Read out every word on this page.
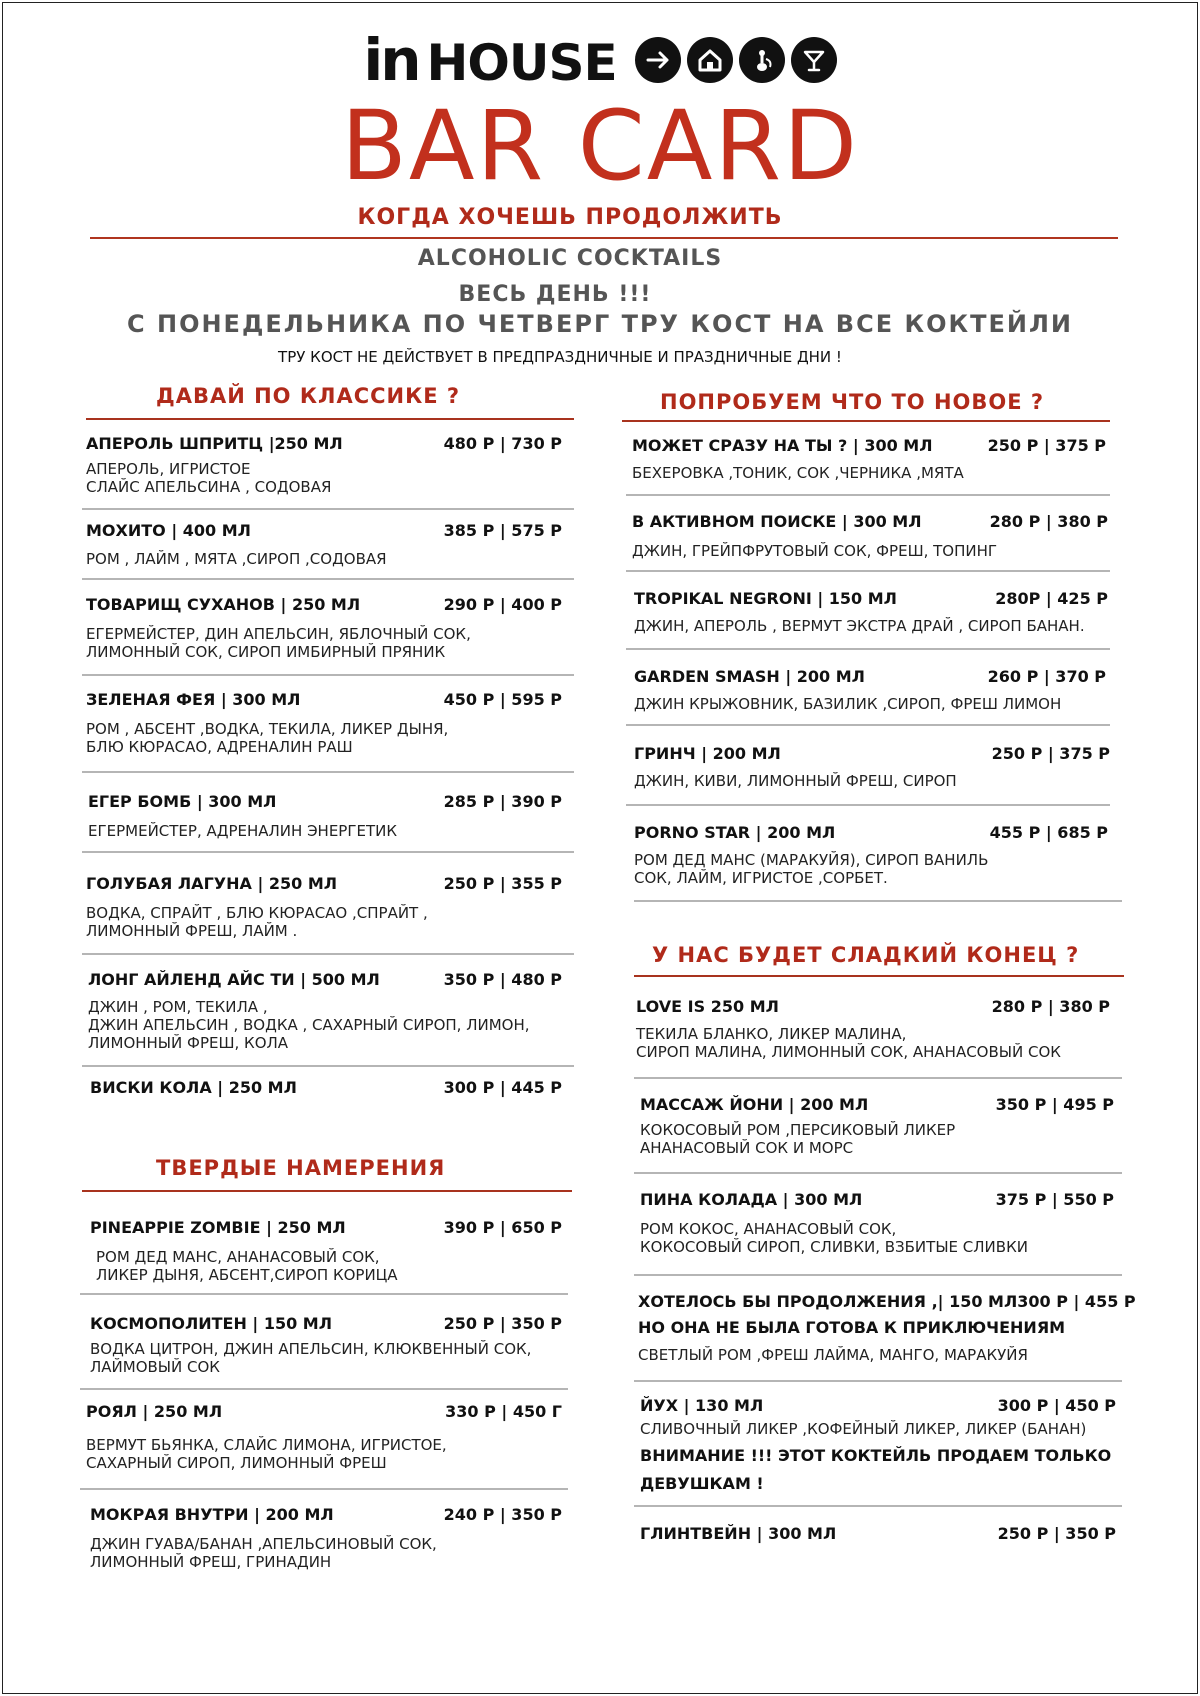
in HOUSE
BAR CARD
КОГДА ХОЧЕШЬ ПРОДОЛЖИТЬ
ALCOHOLIC COCKTAILS
ВЕСЬ ДЕНЬ !!!
С ПОНЕДЕЛЬНИКА ПО ЧЕТВЕРГ ТРУ КОСТ НА ВСЕ КОКТЕЙЛИ
ТРУ КОСТ НЕ ДЕЙСТВУЕТ В ПРЕДПРАЗДНИЧНЫЕ И ПРАЗДНИЧНЫЕ ДНИ !
ДАВАЙ ПО КЛАССИКЕ ?
АПЕРОЛЬ ШПРИТЦ |250 МЛ	480 Р | 730 Р
АПЕРОЛЬ, ИГРИСТОЕ
СЛАЙС АПЕЛЬСИНА , СОДОВАЯ
МОХИТО | 400 МЛ	385 Р | 575 Р
РОМ , ЛАЙМ , МЯТА ,СИРОП ,СОДОВАЯ
ТОВАРИЩ СУХАНОВ | 250 МЛ	290 Р | 400 Р
ЕГЕРМЕЙСТЕР, ДИН АПЕЛЬСИН, ЯБЛОЧНЫЙ СОК,
ЛИМОННЫЙ СОК, СИРОП ИМБИРНЫЙ ПРЯНИК
ЗЕЛЕНАЯ ФЕЯ | 300 МЛ	450 Р | 595 Р
РОМ , АБСЕНТ ,ВОДКА, ТЕКИЛА, ЛИКЕР ДЫНЯ,
БЛЮ КЮРАСАО, АДРЕНАЛИН РАШ
ЕГЕР БОМБ | 300 МЛ	285 Р | 390 Р
ЕГЕРМЕЙСТЕР, АДРЕНАЛИН ЭНЕРГЕТИК
ГОЛУБАЯ ЛАГУНА | 250 МЛ	250 Р | 355 Р
ВОДКА, СПРАЙТ , БЛЮ КЮРАСАО ,СПРАЙТ ,
ЛИМОННЫЙ ФРЕШ, ЛАЙМ .
ЛОНГ АЙЛЕНД АЙС ТИ | 500 МЛ	350 Р | 480 Р
ДЖИН , РОМ, ТЕКИЛА ,
ДЖИН АПЕЛЬСИН , ВОДКА , САХАРНЫЙ СИРОП, ЛИМОН,
ЛИМОННЫЙ ФРЕШ, КОЛА
ВИСКИ КОЛА | 250 МЛ	300 Р | 445 Р
ТВЕРДЫЕ НАМЕРЕНИЯ
PINEAPPIE ZOMBIE | 250 МЛ	390 Р | 650 Р
РОМ ДЕД МАНС, АНАНАСОВЫЙ СОК,
ЛИКЕР ДЫНЯ, АБСЕНТ,СИРОП КОРИЦА
КОСМОПОЛИТЕН | 150 МЛ	250 Р | 350 Р
ВОДКА ЦИТРОН, ДЖИН АПЕЛЬСИН, КЛЮКВЕННЫЙ СОК,
ЛАЙМОВЫЙ СОК
РОЯЛ | 250 МЛ	330 Р | 450 Г
ВЕРМУТ БЬЯНКА, СЛАЙС ЛИМОНА, ИГРИСТОЕ,
САХАРНЫЙ СИРОП, ЛИМОННЫЙ ФРЕШ
МОКРАЯ ВНУТРИ | 200 МЛ	240 Р | 350 Р
ДЖИН ГУАВА/БАНАН ,АПЕЛЬСИНОВЫЙ СОК,
ЛИМОННЫЙ ФРЕШ, ГРИНАДИН
ПОПРОБУЕМ ЧТО ТО НОВОЕ ?
МОЖЕТ СРАЗУ НА ТЫ ? | 300 МЛ	250 Р | 375 Р
БЕХЕРОВКА ,ТОНИК, СОК ,ЧЕРНИКА ,МЯТА
В АКТИВНОМ ПОИСКЕ | 300 МЛ	280 Р | 380 Р
ДЖИН, ГРЕЙПФРУТОВЫЙ СОК, ФРЕШ, ТОПИНГ
TROPIKAL NEGRONI | 150 МЛ	280Р | 425 Р
ДЖИН, АПЕРОЛЬ , ВЕРМУТ ЭКСТРА ДРАЙ , СИРОП БАНАН.
GARDEN SMASH | 200 МЛ	260 Р | 370 Р
ДЖИН КРЫЖОВНИК, БАЗИЛИК ,СИРОП, ФРЕШ ЛИМОН
ГРИНЧ | 200 МЛ	250 Р | 375 Р
ДЖИН, КИВИ, ЛИМОННЫЙ ФРЕШ, СИРОП
PORNO STAR | 200 МЛ	455 Р | 685 Р
РОМ ДЕД МАНС (МАРАКУЙЯ), СИРОП ВАНИЛЬ
СОК, ЛАЙМ, ИГРИСТОЕ ,СОРБЕТ.
У НАС БУДЕТ СЛАДКИЙ КОНЕЦ ?
LOVE IS 250 МЛ	280 Р | 380 Р
ТЕКИЛА БЛАНКО, ЛИКЕР МАЛИНА,
СИРОП МАЛИНА, ЛИМОННЫЙ СОК, АНАНАСОВЫЙ СОК
МАССАЖ ЙОНИ | 200 МЛ	350 Р | 495 Р
КОКОСОВЫЙ РОМ ,ПЕРСИКОВЫЙ ЛИКЕР
АНАНАСОВЫЙ СОК И МОРС
ПИНА КОЛАДА | 300 МЛ	375 Р | 550 Р
РОМ КОКОС, АНАНАСОВЫЙ СОК,
КОКОСОВЫЙ СИРОП, СЛИВКИ, ВЗБИТЫЕ СЛИВКИ
ХОТЕЛОСЬ БЫ ПРОДОЛЖЕНИЯ ,| 150 МЛ 300 Р | 455 Р
НО ОНА НЕ БЫЛА ГОТОВА К ПРИКЛЮЧЕНИЯМ
СВЕТЛЫЙ РОМ ,ФРЕШ ЛАЙМА, МАНГО, МАРАКУЙЯ
ЙУХ | 130 МЛ	300 Р | 450 Р
СЛИВОЧНЫЙ ЛИКЕР ,КОФЕЙНЫЙ ЛИКЕР, ЛИКЕР (БАНАН)
ВНИМАНИЕ !!! ЭТОТ КОКТЕЙЛЬ ПРОДАЕМ ТОЛЬКО
ДЕВУШКАМ !
ГЛИНТВЕЙН | 300 МЛ	250 Р | 350 Р
